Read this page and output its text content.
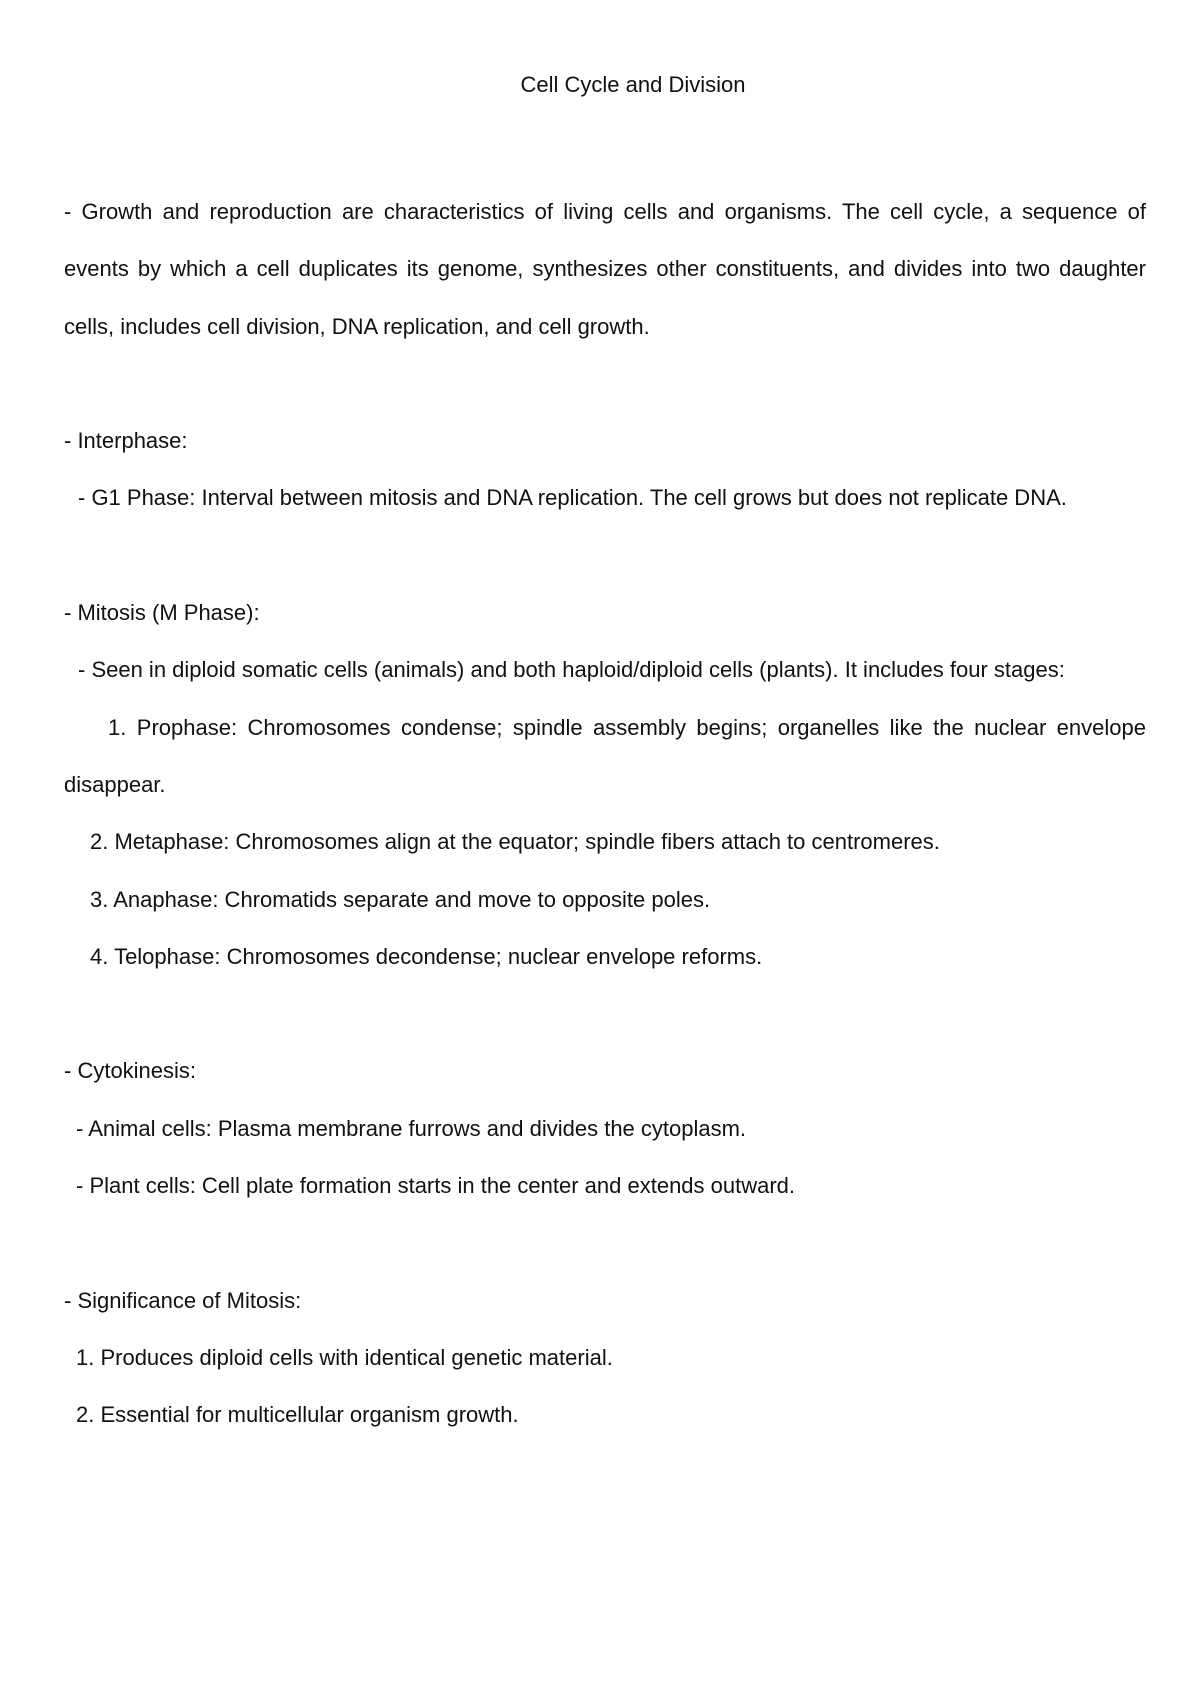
Cell Cycle and Division

- Growth and reproduction are characteristics of living cells and organisms. The cell cycle, a sequence of events by which a cell duplicates its genome, synthesizes other constituents, and divides into two daughter cells, includes cell division, DNA replication, and cell growth.

- Interphase:

- G1 Phase: Interval between mitosis and DNA replication. The cell grows but does not replicate DNA.

- Mitosis (M Phase):

- Seen in diploid somatic cells (animals) and both haploid/diploid cells (plants). It includes four stages:

1. Prophase: Chromosomes condense; spindle assembly begins; organelles like the nuclear envelope disappear.

2. Metaphase: Chromosomes align at the equator; spindle fibers attach to centromeres.

3. Anaphase: Chromatids separate and move to opposite poles.

4. Telophase: Chromosomes decondense; nuclear envelope reforms.

- Cytokinesis:

- Animal cells: Plasma membrane furrows and divides the cytoplasm.

- Plant cells: Cell plate formation starts in the center and extends outward.

- Significance of Mitosis:

1. Produces diploid cells with identical genetic material.

2. Essential for multicellular organism growth.
